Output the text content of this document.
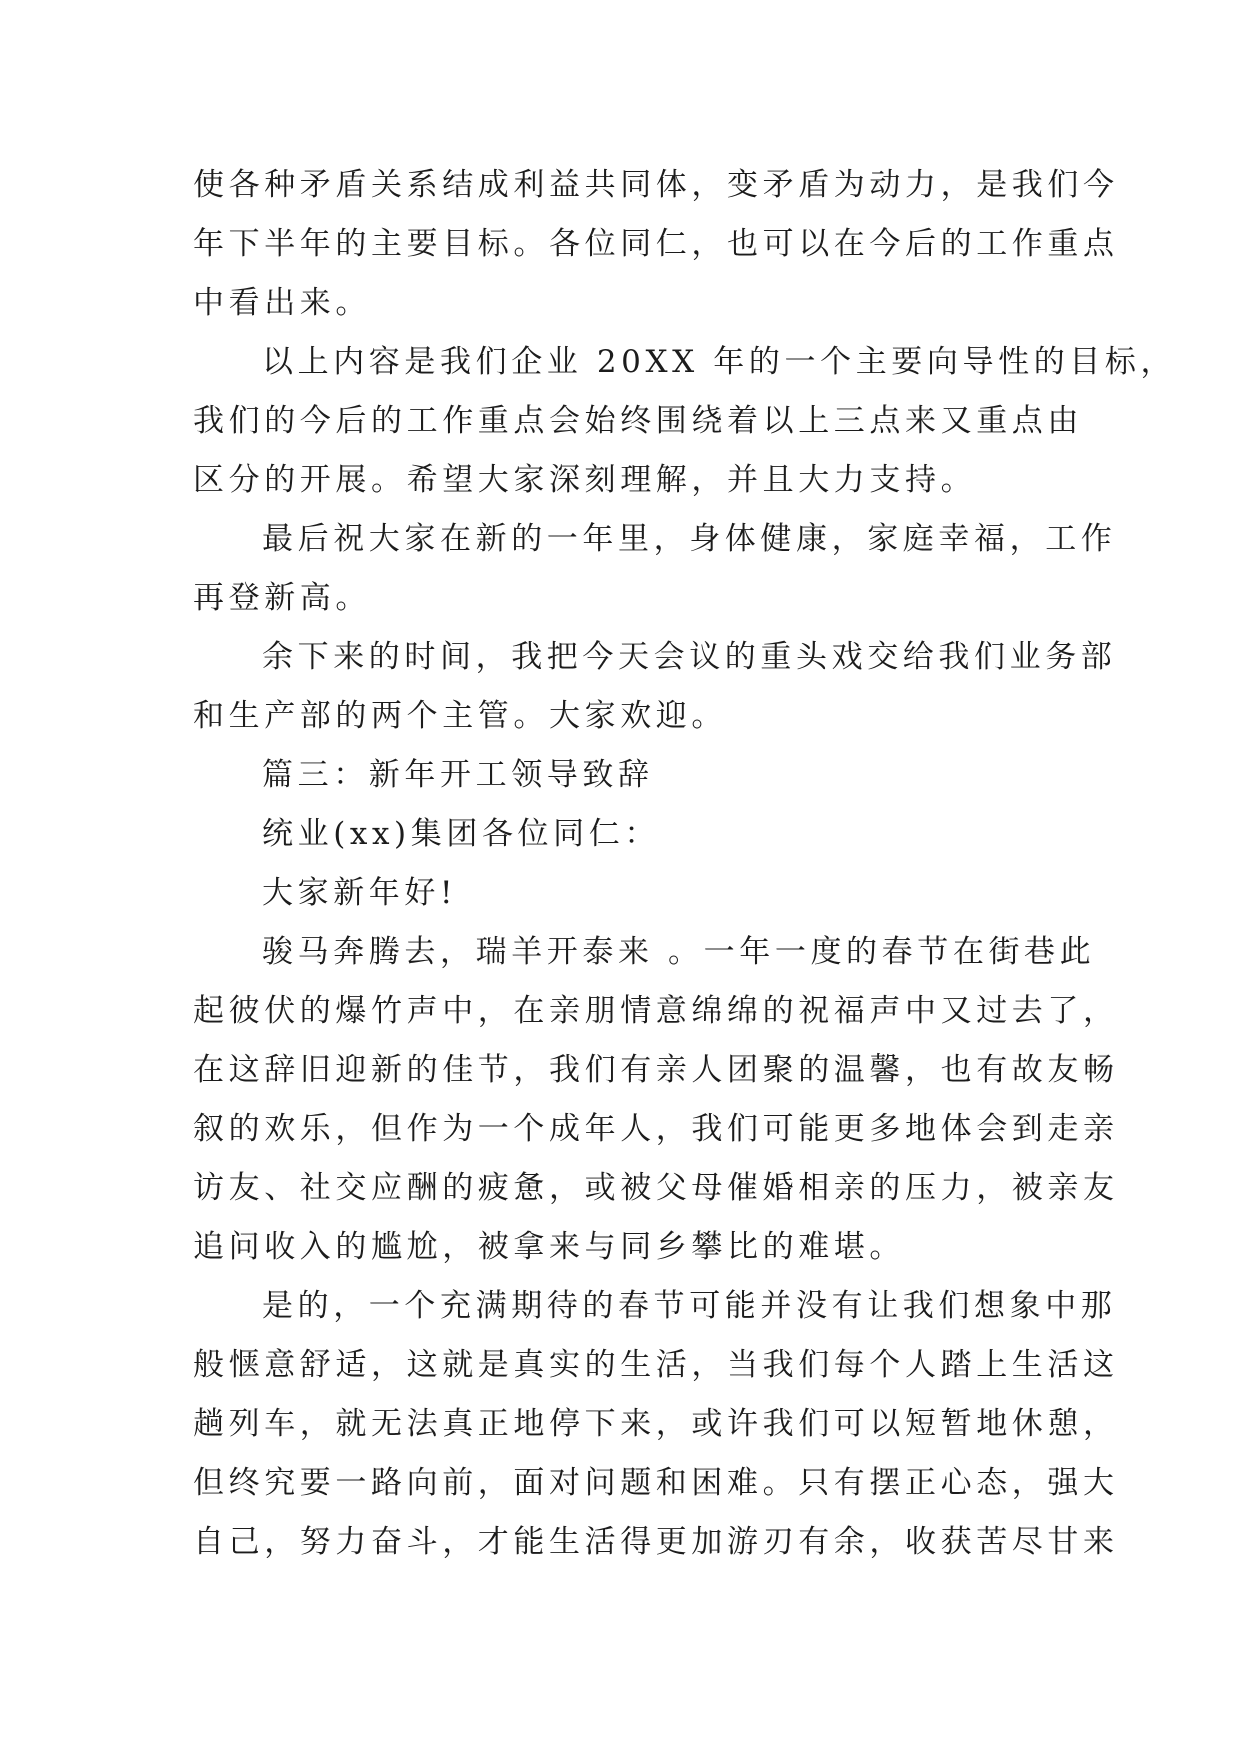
使各种矛盾关系结成利益共同体，变矛盾为动力，是我们今
年下半年的主要目标。各位同仁，也可以在今后的工作重点
中看出来。
以上内容是我们企业 20XX 年的一个主要向导性的目标，
我们的今后的工作重点会始终围绕着以上三点来又重点由
区分的开展。希望大家深刻理解，并且大力支持。
最后祝大家在新的一年里，身体健康，家庭幸福，工作
再登新高。
余下来的时间，我把今天会议的重头戏交给我们业务部
和生产部的两个主管。大家欢迎。
篇三：新年开工领导致辞
统业(xx)集团各位同仁：
大家新年好!
骏马奔腾去，瑞羊开泰来 。一年一度的春节在街巷此
起彼伏的爆竹声中，在亲朋情意绵绵的祝福声中又过去了，
在这辞旧迎新的佳节，我们有亲人团聚的温馨，也有故友畅
叙的欢乐，但作为一个成年人，我们可能更多地体会到走亲
访友、社交应酬的疲惫，或被父母催婚相亲的压力，被亲友
追问收入的尴尬，被拿来与同乡攀比的难堪。
是的，一个充满期待的春节可能并没有让我们想象中那
般惬意舒适，这就是真实的生活，当我们每个人踏上生活这
趟列车，就无法真正地停下来，或许我们可以短暂地休憩，
但终究要一路向前，面对问题和困难。只有摆正心态，强大
自己，努力奋斗，才能生活得更加游刃有余，收获苦尽甘来
